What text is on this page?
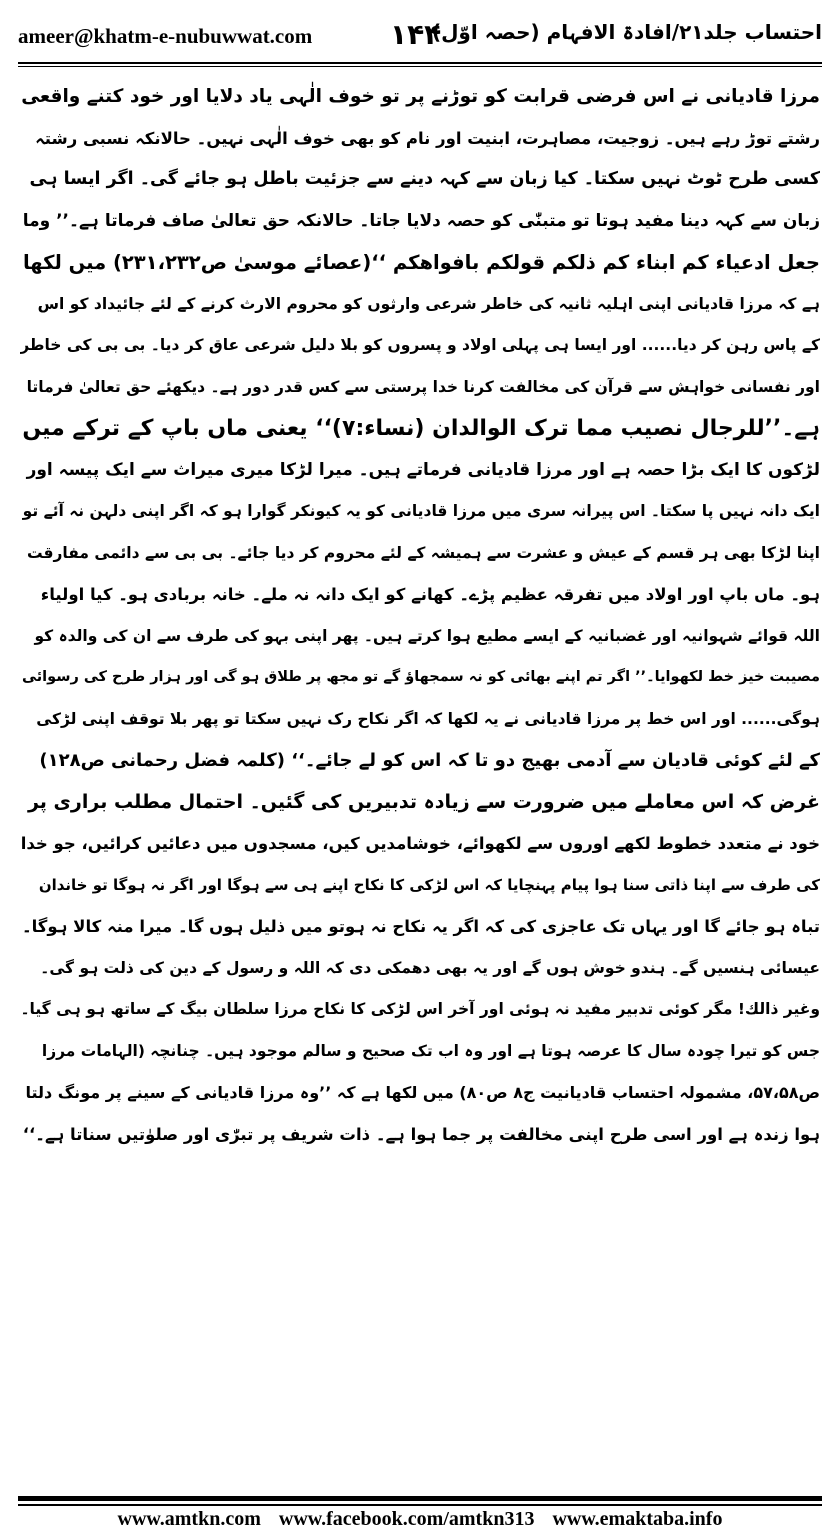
ameer@khatm-e-nubuwwat.com	۱۴۴
احتساب جلد۲۱/افادۃ الافہام (حصہ اوّل)
مرزا قادیانی نے اس فرضی قرابت کو توڑنے پر تو خوف الٰہی یاد دلایا اور خود کتنے واقعی
رشتے توڑ رہے ہیں۔ زوجیت، مصاہرت، ابنیت اور نام کو بھی خوف الٰہی نہیں۔ حالانکہ نسبی رشتہ
کسی طرح ٹوٹ نہیں سکتا۔ کیا زبان سے کہہ دینے سے جزئیت باطل ہو جائے گی۔ اگر ایسا ہی
زبان سے کہہ دینا مفید ہوتا تو متبنّٰی کو حصہ دلایا جاتا۔ حالانکہ حق تعالیٰ صاف فرماتا ہے۔’’ وما
جعل ادعیاء کم ابناء کم ذلکم قولکم بافواھکم ‘‘(عصائے موسیٰ ص۲۳۱،۲۳۲) میں لکھا
ہے کہ مرزا قادیانی اپنی اہلیہ ثانیہ کی خاطر شرعی وارثوں کو محروم الارث کرنے کے لئے جائیداد کو اس
کے پاس رہن کر دیا...... اور ایسا ہی پہلی اولاد و پسروں کو بلا دلیل شرعی عاق کر دیا۔ بی بی کی خاطر
اور نفسانی خواہش سے قرآن کی مخالفت کرنا خدا پرستی سے کس قدر دور ہے۔ دیکھئے حق تعالیٰ فرماتا
ہے۔’’للرجال نصیب مما ترک الوالدان (نساء:۷)‘‘ یعنی ماں باپ کے ترکے میں
لڑکوں کا ایک بڑا حصہ ہے اور مرزا قادیانی فرماتے ہیں۔ میرا لڑکا میری میراث سے ایک پیسہ اور
ایک دانہ نہیں پا سکتا۔ اس پیرانہ سری میں مرزا قادیانی کو یہ کیونکر گوارا ہو کہ اگر اپنی دلہن نہ آئے تو
اپنا لڑکا بھی ہر قسم کے عیش و عشرت سے ہمیشہ کے لئے محروم کر دیا جائے۔ بی بی سے دائمی مفارقت
ہو۔ ماں باپ اور اولاد میں تفرقہ عظیم پڑے۔ کھانے کو ایک دانہ نہ ملے۔ خانہ بربادی ہو۔ کیا اولیاء
اللہ قوائے شہوانیہ اور غضبانیہ کے ایسے مطیع ہوا کرتے ہیں۔ پھر اپنی بہو کی طرف سے ان کی والدہ کو
مصیبت خیز خط لکھوایا۔’’ اگر تم اپنے بھائی کو نہ سمجھاؤ گے تو مجھ پر طلاق ہو گی اور ہزار طرح کی رسوائی
ہوگی...... اور اس خط پر مرزا قادیانی نے یہ لکھا کہ اگر نکاح رک نہیں سکتا تو پھر بلا توقف اپنی لڑکی
کے لئے کوئی قادیان سے آدمی بھیج دو تا کہ اس کو لے جائے۔‘‘ (کلمہ فضل رحمانی ص۱۲۸)
غرض کہ اس معاملے میں ضرورت سے زیادہ تدبیریں کی گئیں۔ احتمال مطلب براری پر
خود نے متعدد خطوط لکھے اوروں سے لکھوائے، خوشامدیں کیں، مسجدوں میں دعائیں کرائیں، جو خدا
کی طرف سے اپنا ذاتی سنا ہوا پیام پہنچایا کہ اس لڑکی کا نکاح اپنے ہی سے ہوگا اور اگر نہ ہوگا تو خاندان
تباہ ہو جائے گا اور یہاں تک عاجزی کی کہ اگر یہ نکاح نہ ہوتو میں ذلیل ہوں گا۔ میرا منہ کالا ہوگا۔
عیسائی ہنسیں گے۔ ہندو خوش ہوں گے اور یہ بھی دھمکی دی کہ اللہ و رسول کے دین کی ذلت ہو گی۔
وغیر ذالك! مگر کوئی تدبیر مفید نہ ہوئی اور آخر اس لڑکی کا نکاح مرزا سلطان بیگ کے ساتھ ہو ہی گیا۔
جس کو تیرا چودہ سال کا عرصہ ہوتا ہے اور وہ اب تک صحیح و سالم موجود ہیں۔ چنانچہ (الہامات مرزا
ص۵۷،۵۸، مشمولہ احتساب قادیانیت ج۸ ص۸۰) میں لکھا ہے کہ ’’وہ مرزا قادیانی کے سینے پر مونگ دلتا
ہوا زندہ ہے اور اسی طرح اپنی مخالفت پر جما ہوا ہے۔ ذات شریف پر تبرّٰی اور صلوٰتیں سناتا ہے۔‘‘
www.amtkn.com www.facebook.com/amtkn313 www.emaktaba.info
